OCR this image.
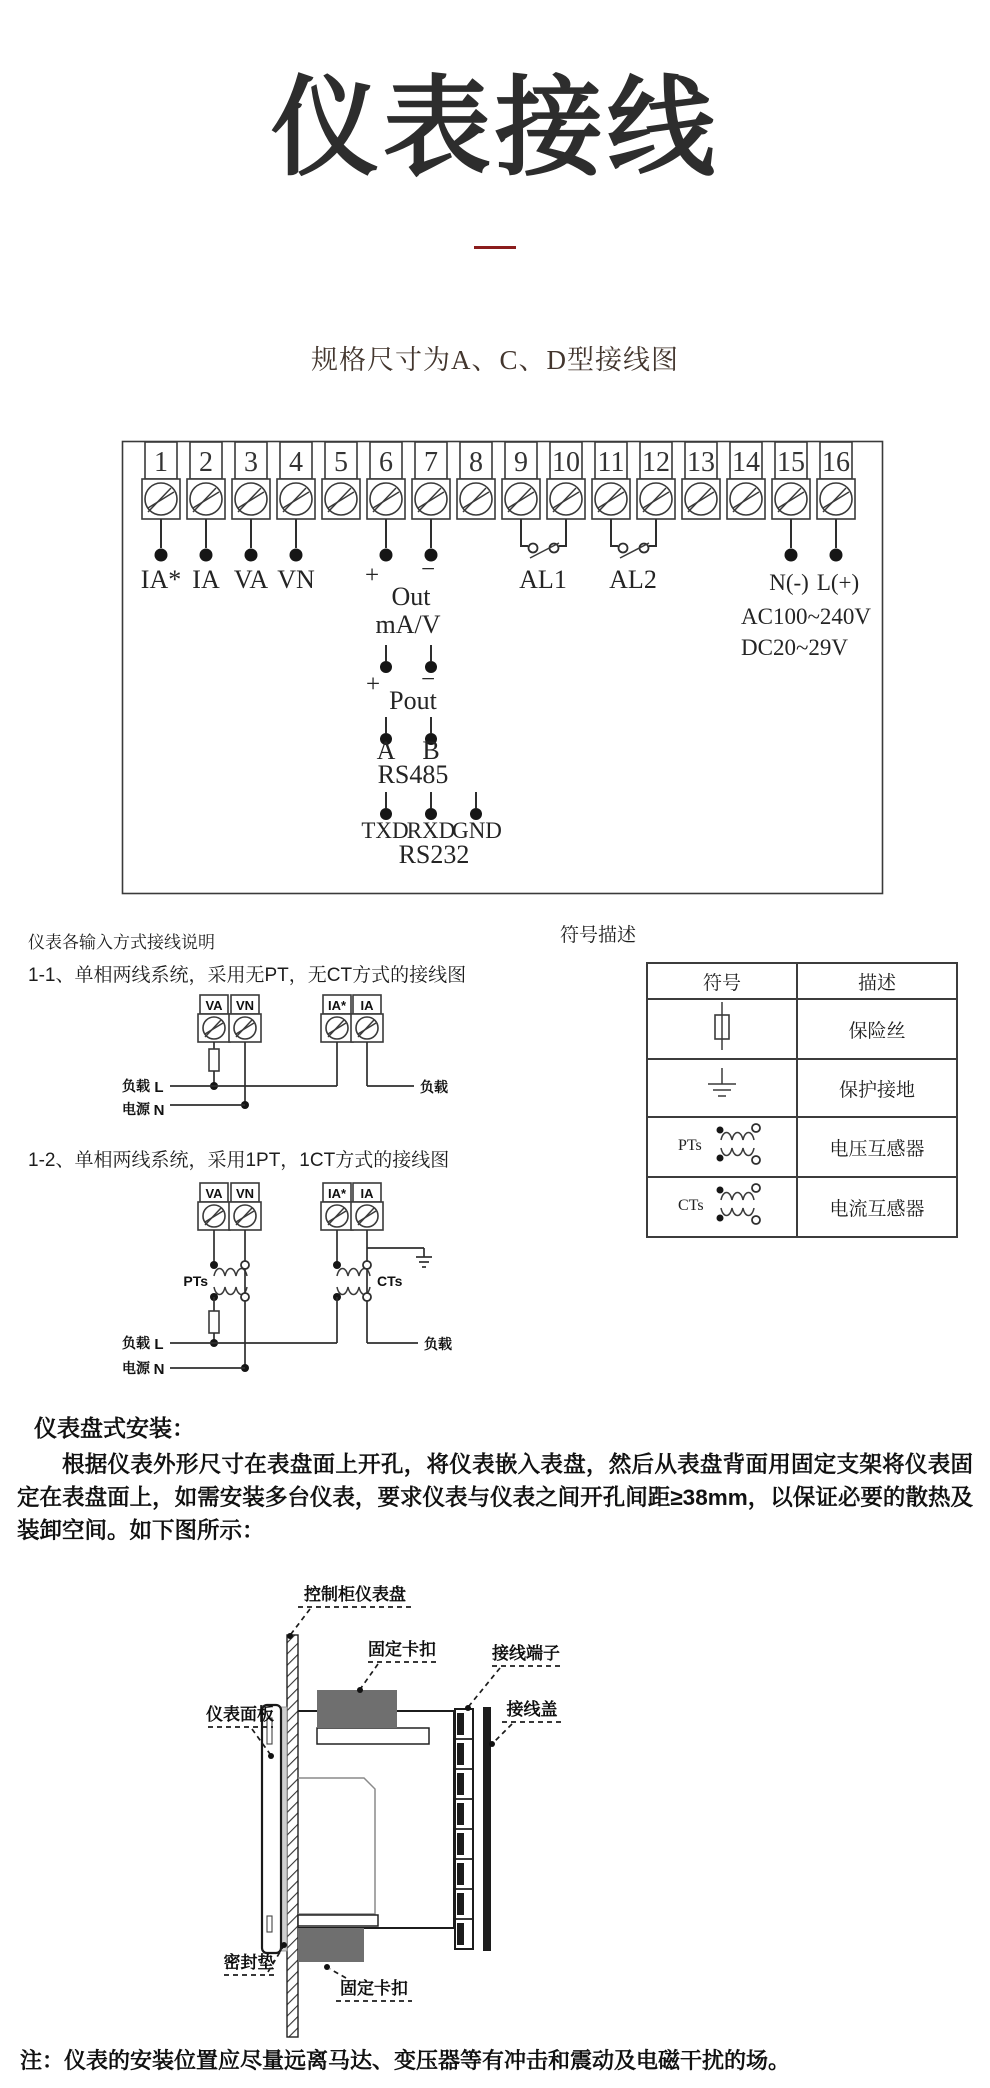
仪表接线
规格尺寸为A、C、D型接线图
1 2 3 4 5 6 7 8 9 10 11 12 13 14 15 16
IA* IA VA VN + −
Out
mA/V
AL1 AL2	N(-) L(+)
AC100~240V
DC20~29V
+ −
Pout
A B
RS485
TXD
RXD
GND
RS232
仪表各输入方式接线说明
1-1、单相两线系统，采用无PT，无CT方式的接线图
VA VN	IA* IA
负载 L
电源 N
负载
1-2、单相两线系统，采用1PT，1CT方式的接线图
VA VN	IA* IA
PTs	CTs
负载 L
电源 N
负载
符号描述
符号	描述
	保险丝
	保护接地

PTs	电压互感器

CTs	电流互感器
仪表盘式安装：
根据仪表外形尺寸在表盘面上开孔，将仪表嵌入表盘，然后从表盘背面用固定支架将仪表固定在表盘面上，如需安装多台仪表，要求仪表与仪表之间开孔间距≥38mm，以保证必要的散热及装卸空间。如下图所示：
控制柜仪表盘
固定卡扣	接线端子
接线盖
仪表面板
密封垫
固定卡扣
注：仪表的安装位置应尽量远离马达、变压器等有冲击和震动及电磁干扰的场。
